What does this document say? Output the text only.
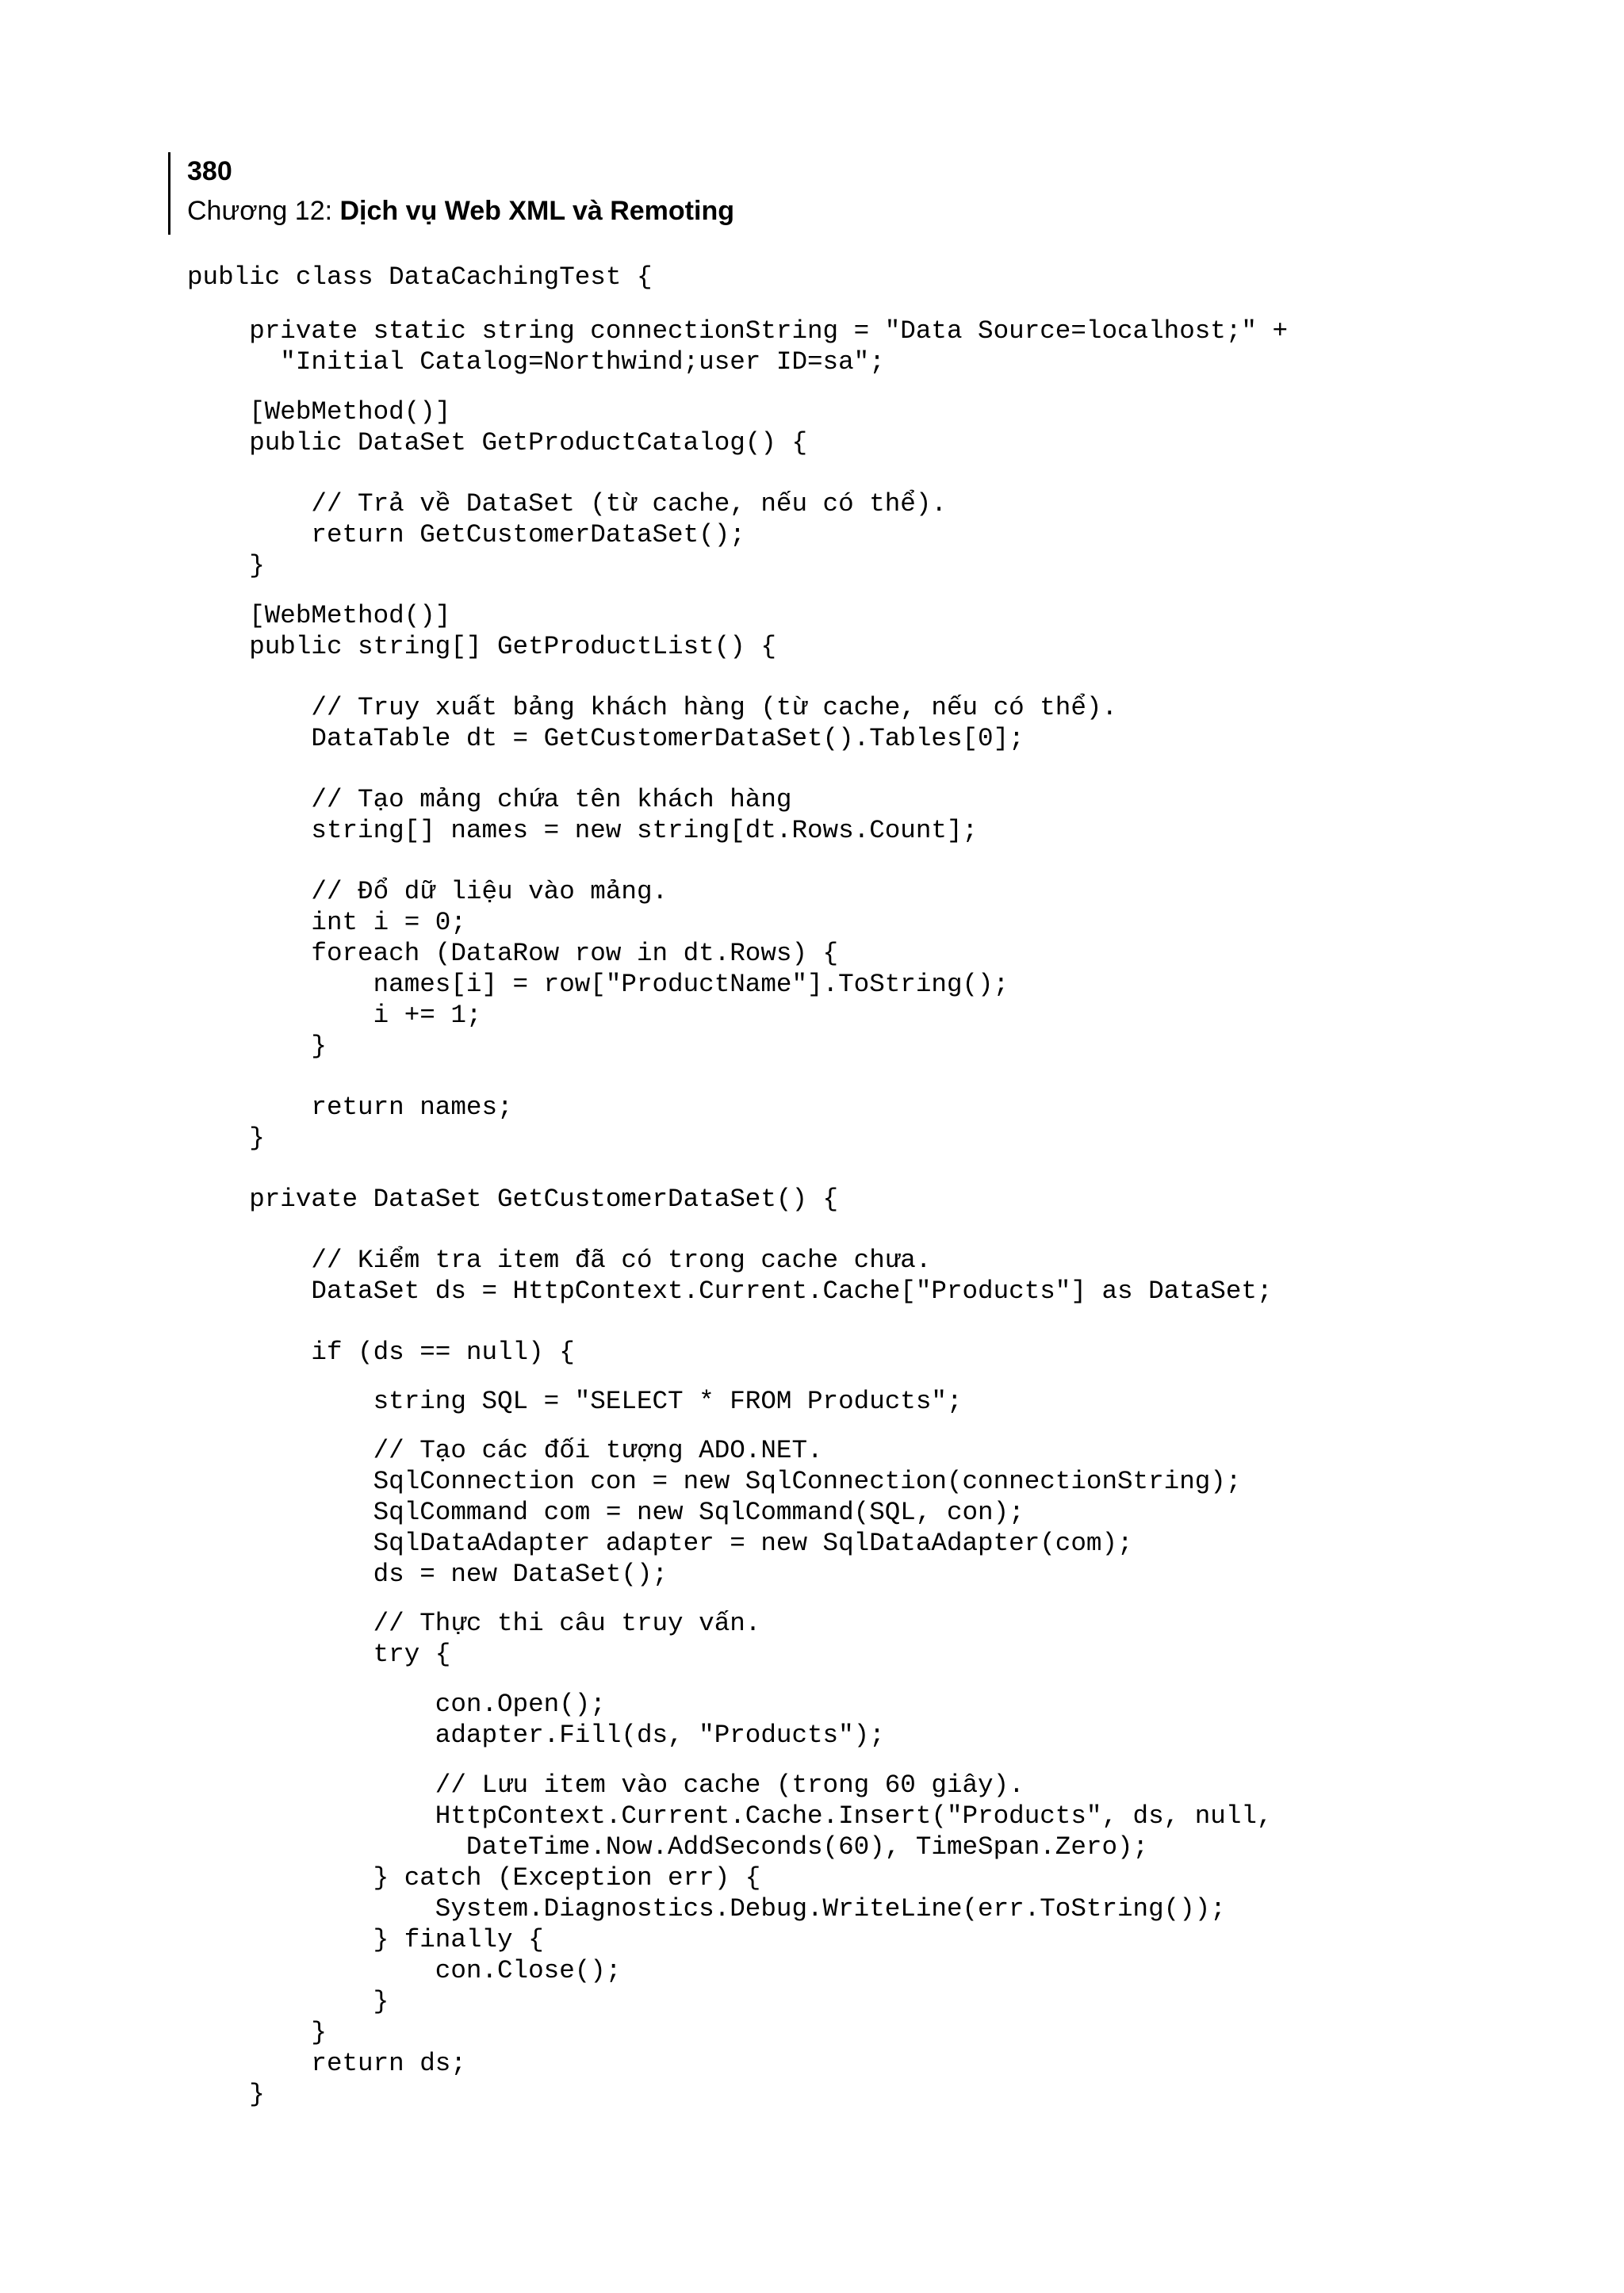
380
Chương 12: Dịch vụ Web XML và Remoting
public class DataCachingTest {
private static string connectionString = "Data Source=localhost;" +
"Initial Catalog=Northwind;user ID=sa";
[WebMethod()]
public DataSet GetProductCatalog() {
// Trả về DataSet (từ cache, nếu có thể).
return GetCustomerDataSet();
}
[WebMethod()]
public string[] GetProductList() {
// Truy xuất bảng khách hàng (từ cache, nếu có thể).
DataTable dt = GetCustomerDataSet().Tables[0];
// Tạo mảng chứa tên khách hàng
string[] names = new string[dt.Rows.Count];
// Đổ dữ liệu vào mảng.
int i = 0;
foreach (DataRow row in dt.Rows) {
names[i] = row["ProductName"].ToString();
i += 1;
}
return names;
}
private DataSet GetCustomerDataSet() {
// Kiểm tra item đã có trong cache chưa.
DataSet ds = HttpContext.Current.Cache["Products"] as DataSet;
if (ds == null) {
string SQL = "SELECT * FROM Products";
// Tạo các đối tượng ADO.NET.
SqlConnection con = new SqlConnection(connectionString);
SqlCommand com = new SqlCommand(SQL, con);
SqlDataAdapter adapter = new SqlDataAdapter(com);
ds = new DataSet();
// Thực thi câu truy vấn.
try {
con.Open();
adapter.Fill(ds, "Products");
// Lưu item vào cache (trong 60 giây).
HttpContext.Current.Cache.Insert("Products", ds, null,
DateTime.Now.AddSeconds(60), TimeSpan.Zero);
} catch (Exception err) {
System.Diagnostics.Debug.WriteLine(err.ToString());
} finally {
con.Close();
}
}
return ds;
}
